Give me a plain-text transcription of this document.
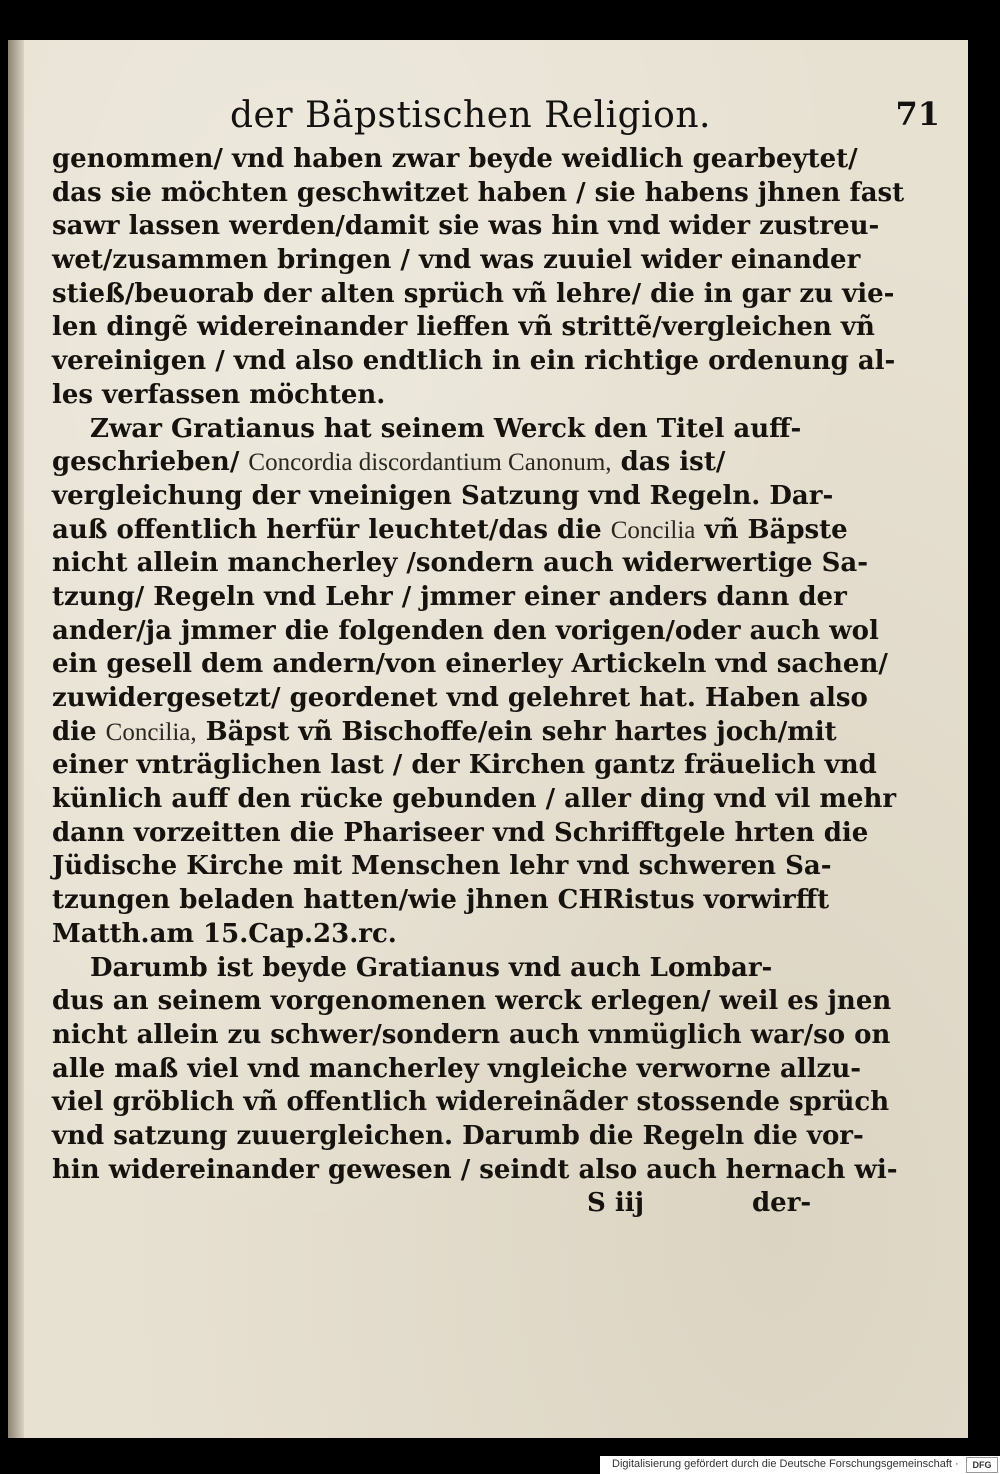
der Bäpstischen Religion.	71
genommen/ vnd haben zwar beyde weidlich gearbeytet/
das sie möchten geschwitzet haben / sie habens jhnen fast
sawr lassen werden/damit sie was hin vnd wider zustreu‑
wet/zusammen bringen / vnd was zuuiel wider einander
stieß/beuorab der alten sprüch vñ lehre/ die in gar zu vie‑
len dingẽ widereinander lieffen vñ strittẽ/vergleichen vñ
vereinigen / vnd also endtlich in ein richtige ordenung al‑
les verfassen möchten.
Zwar Gratianus hat seinem Werck den Titel auff‑
geschrieben/ Concordia discordantium Canonum, das ist/
vergleichung der vneinigen Satzung vnd Regeln. Dar‑
auß offentlich herfür leuchtet/das die Concilia vñ Bäpste
nicht allein mancherley /sondern auch widerwertige Sa‑
tzung/ Regeln vnd Lehr / jmmer einer anders dann der
ander/ja jmmer die folgenden den vorigen/oder auch wol
ein gesell dem andern/von einerley Artickeln vnd sachen/
zuwidergesetzt/ geordenet vnd gelehret hat. Haben also
die Concilia, Bäpst vñ Bischoffe/ein sehr hartes joch/mit
einer vnträglichen last / der Kirchen gantz fräuelich vnd
künlich auff den rücke gebunden / aller ding vnd vil mehr
dann vorzeitten die Phariseer vnd Schrifftgele hrten die
Jüdische Kirche mit Menschen lehr vnd schweren Sa‑
tzungen beladen hatten/wie jhnen CHRistus vorwirfft
Matth.am 15.Cap.23.rc.
Darumb ist beyde Gratianus vnd auch Lombar‑
dus an seinem vorgenomenen werck erlegen/ weil es jnen
nicht allein zu schwer/sondern auch vnmüglich war/so on
alle maß viel vnd mancherley vngleiche verworne allzu‑
viel gröblich vñ offentlich widereinãder stossende sprüch
vnd satzung zuuergleichen. Darumb die Regeln die vor‑
hin widereinander gewesen / seindt also auch hernach wi‑
S iij	der‑
Digitalisierung gefördert durch die Deutsche Forschungsgemeinschaft ·	DFG
